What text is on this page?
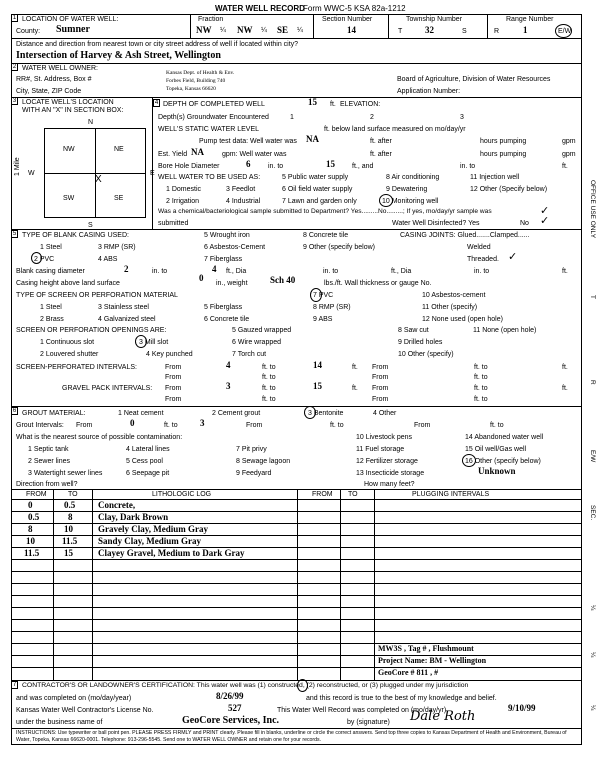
WATER WELL RECORD
Form WWC-5 KSA 82a-1212
1 LOCATION OF WATER WELL:
County: Sumner
Fraction
NW ¼ NW ¼ SE ¼
Section Number
14
Township Number
T	32	S
Range Number
R	1	E/W
Distance and direction from nearest town or city street address of well if located within city?
Intersection of Harvey & Ash Street, Wellington
2 WATER WELL OWNER:
RR#, St. Address, Box #
City, State, ZIP Code
Kansas Dept. of Health & Env.
Forbes Field, Building 740
Topeka, Kansas 66620
Board of Agriculture, Division of Water Resources
Application Number:
3 LOCATE WELL'S LOCATION
WITH AN "X" IN SECTION BOX:
N
NW	NE
SW	SE
X
W	E
S
1 Mile
4 DEPTH OF COMPLETED WELL	15 ft. ELEVATION:
Depth(s) Groundwater Encountered	1	2	3
WELL'S STATIC WATER LEVEL	ft. below land surface measured on mo/day/yr
Pump test data: Well water was NA	ft. after	hours pumping	gpm
Est. Yield NA	gpm: Well water was	ft. after	hours pumping	gpm
Bore Hole Diameter	6	in. to	15 ft., and	in. to	ft.
WELL WATER TO BE USED AS:
1 Domestic	3 Feedlot
5 Public water supply	8 Air conditioning	11 Injection well
2 Irrigation	4 Industrial	7 Lawn and garden only
9 Dewatering	12 Other (Specify below)
6 Oil field water supply
10 Monitoring well
Was a chemical/bacteriological sample submitted to Department? Yes.........No.........; If yes, mo/day/yr sample was
submitted	Water Well Disinfected? Yes	No ✓
✓
5 TYPE OF BLANK CASING USED:
1 Steel	3 RMP (SR)
5 Wrought iron	8 Concrete tile
2 PVC	4 ABS
6 Asbestos-Cement
7 Fiberglass
9 Other (specify below)
CASING JOINTS: Glued.......Clamped......
Welded
Threaded. ✓
Blank casing diameter	2	in. to	4 ft., Dia	in. to	ft., Dia	in. to	ft.
Casing height above land surface
0
in., weight Sch 40	lbs./ft. Wall thickness or gauge No.
TYPE OF SCREEN OR PERFORATION MATERIAL
1 Steel	3 Stainless steel	5 Fiberglass
7 PVC	10 Asbestos-cement
2 Brass	4 Galvanized steel	6 Concrete tile
8 RMP (SR)	11 Other (specify)
9 ABS	12 None used (open hole)
SCREEN OR PERFORATION OPENINGS ARE:	5 Gauzed wrapped	8 Saw cut	11 None (open hole)
1 Continuous slot	3 Mill slot	6 Wire wrapped	9 Drilled holes
2 Louvered shutter	4 Key punched	7 Torch cut	10 Other (specify)
SCREEN-PERFORATED INTERVALS:	From	4	ft. to	14	ft. From	ft. to	ft.
From	ft. to	From	ft. to
GRAVEL PACK INTERVALS: From	3	ft. to	15	ft. From	ft. to	ft.
From	ft. to	From	ft. to
6 GROUT MATERIAL:	1 Neat cement	2 Cement grout	3 Bentonite	4 Other
Grout Intervals: From	0	ft. to 3	From	ft. to	From	ft. to
What is the nearest source of possible contamination:	10 Livestock pens	14 Abandoned water well
1 Septic tank	4 Lateral lines	7 Pit privy	11 Fuel storage	15 Oil well/Gas well
2 Sewer lines	5 Cess pool	8 Sewage lagoon	12 Fertilizer storage	16 Other (specify below)
3 Watertight sewer lines	6 Seepage pit	9 Feedyard	13 Insecticide storage	Unknown
Direction from well?	How many feet?
FROM	TO	LITHOLOGIC LOG	FROM TO	PLUGGING INTERVALS
0	0.5	Concrete,
0.5	8	Clay, Dark Brown
8	10	Gravely Clay, Medium Gray
10	11.5 Sandy Clay, Medium Gray
11.5	15	Clayey Gravel, Medium to Dark Gray
MW3S , Tag # , Flushmount
Project Name: BM - Wellington
GeoCore # 811 , #
7 CONTRACTOR'S OR LANDOWNER'S CERTIFICATION: This water well was (1) constructed, (2) reconstructed, or (3) plugged under my jurisdiction
and was completed on (mo/day/year)	8/26/99	and this record is true to the best of my knowledge and belief.
Kansas Water Well Contractor's License No.	527	This Water Well Record was completed on (mo/day/yr)	9/10/99
under the business name of	GeoCore Services, Inc.	by (signature) Dale Roth
INSTRUCTIONS: Use typewriter or ball point pen. PLEASE PRESS FIRMLY and PRINT clearly. Please fill in blanks, underline or circle the correct answers. Send top three copies to Kansas Department of Health and Environment, Bureau of Water, Topeka, Kansas 66620-0001. Telephone: 913-296-5545. Send one to WATER WELL OWNER and retain one for your records.
OFFICE USE ONLY
T
R
E/W
SEC.
¼
¼
¼
